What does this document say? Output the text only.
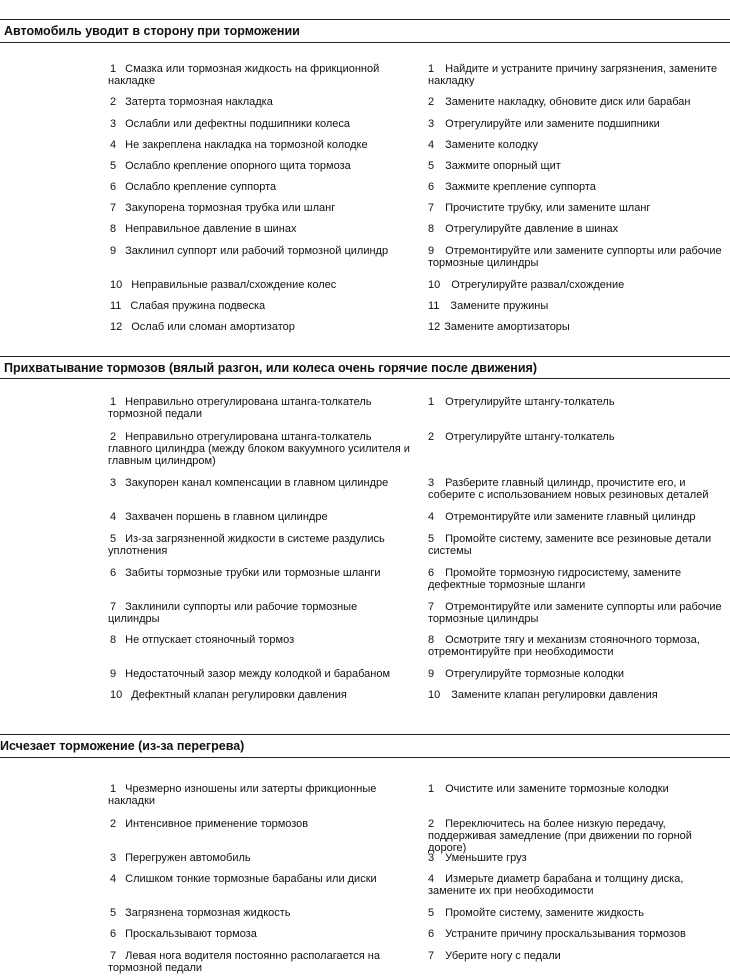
Автомобиль уводит в сторону при торможении
1 Смазка или тормозная жидкость на фрикционной накладке
1 Найдите и устраните причину загрязнения, замените накладку
2 Затерта тормозная накладка	2 Замените накладку, обновите диск или барабан
3 Ослабли или дефектны подшипники колеса	3 Отрегулируйте или замените подшипники
4 Не закреплена накладка на тормозной колодке	4 Замените колодку
5 Ослабло крепление опорного щита тормоза	5 Зажмите опорный щит
6 Ослабло крепление суппорта	6 Зажмите крепление суппорта
7 Закупорена тормозная трубка или шланг	7 Прочистите трубку, или замените шланг
8 Неправильное давление в шинах	8 Отрегулируйте давление в шинах
9 Заклинил суппорт или рабочий тормозной цилиндр	9 Отремонтируйте или замените суппорты или рабочие тормозные цилиндры
10 Неправильные развал/схождение колес	10 Отрегулируйте развал/схождение
11 Слабая пружина подвеска	11 Замените пружины
12 Ослаб или сломан амортизатор	12 Замените амортизаторы
Прихватывание тормозов (вялый разгон, или колеса очень горячие после движения)
1 Неправильно отрегулирована штанга-толкатель тормозной педали
1 Отрегулируйте штангу-толкатель
2 Неправильно отрегулирована штанга-толкатель главного цилиндра (между блоком вакуумного усилителя и главным цилиндром)
2 Отрегулируйте штангу-толкатель
3 Закупорен канал компенсации в главном цилиндре	3 Разберите главный цилиндр, прочистите его, и соберите с использованием новых резиновых деталей
4 Захвачен поршень в главном цилиндре	4 Отремонтируйте или замените главный цилиндр
5 Из-за загрязненной жидкости в системе раздулись уплотнения
5 Промойте систему, замените все резиновые детали системы
6 Забиты тормозные трубки или тормозные шланги	6 Промойте тормозную гидросистему, замените дефектные тормозные шланги
7 Заклинили суппорты или рабочие тормозные цилиндры
7 Отремонтируйте или замените суппорты или рабочие тормозные цилиндры
8 Не отпускает стояночный тормоз	8 Осмотрите тягу и механизм стояночного тормоза, отремонтируйте при необходимости
9 Недостаточный зазор между колодкой и барабаном	9 Отрегулируйте тормозные колодки
10 Дефектный клапан регулировки давления	10 Замените клапан регулировки давления
Исчезает торможение (из-за перегрева)
1 Чрезмерно изношены или затерты фрикционные накладки
1 Очистите или замените тормозные колодки
2 Интенсивное применение тормозов	2 Переключитесь на более низкую передачу, поддерживая замедление (при движении по горной дороге)
3 Перегружен автомобиль	3 Уменьшите груз
4 Слишком тонкие тормозные барабаны или диски	4 Измерьте диаметр барабана и толщину диска, замените их при необходимости
5 Загрязнена тормозная жидкость	5 Промойте систему, замените жидкость
6 Проскальзывают тормоза	6 Устраните причину проскальзывания тормозов
7 Левая нога водителя постоянно располагается на тормозной педали
7 Уберите ногу с педали
